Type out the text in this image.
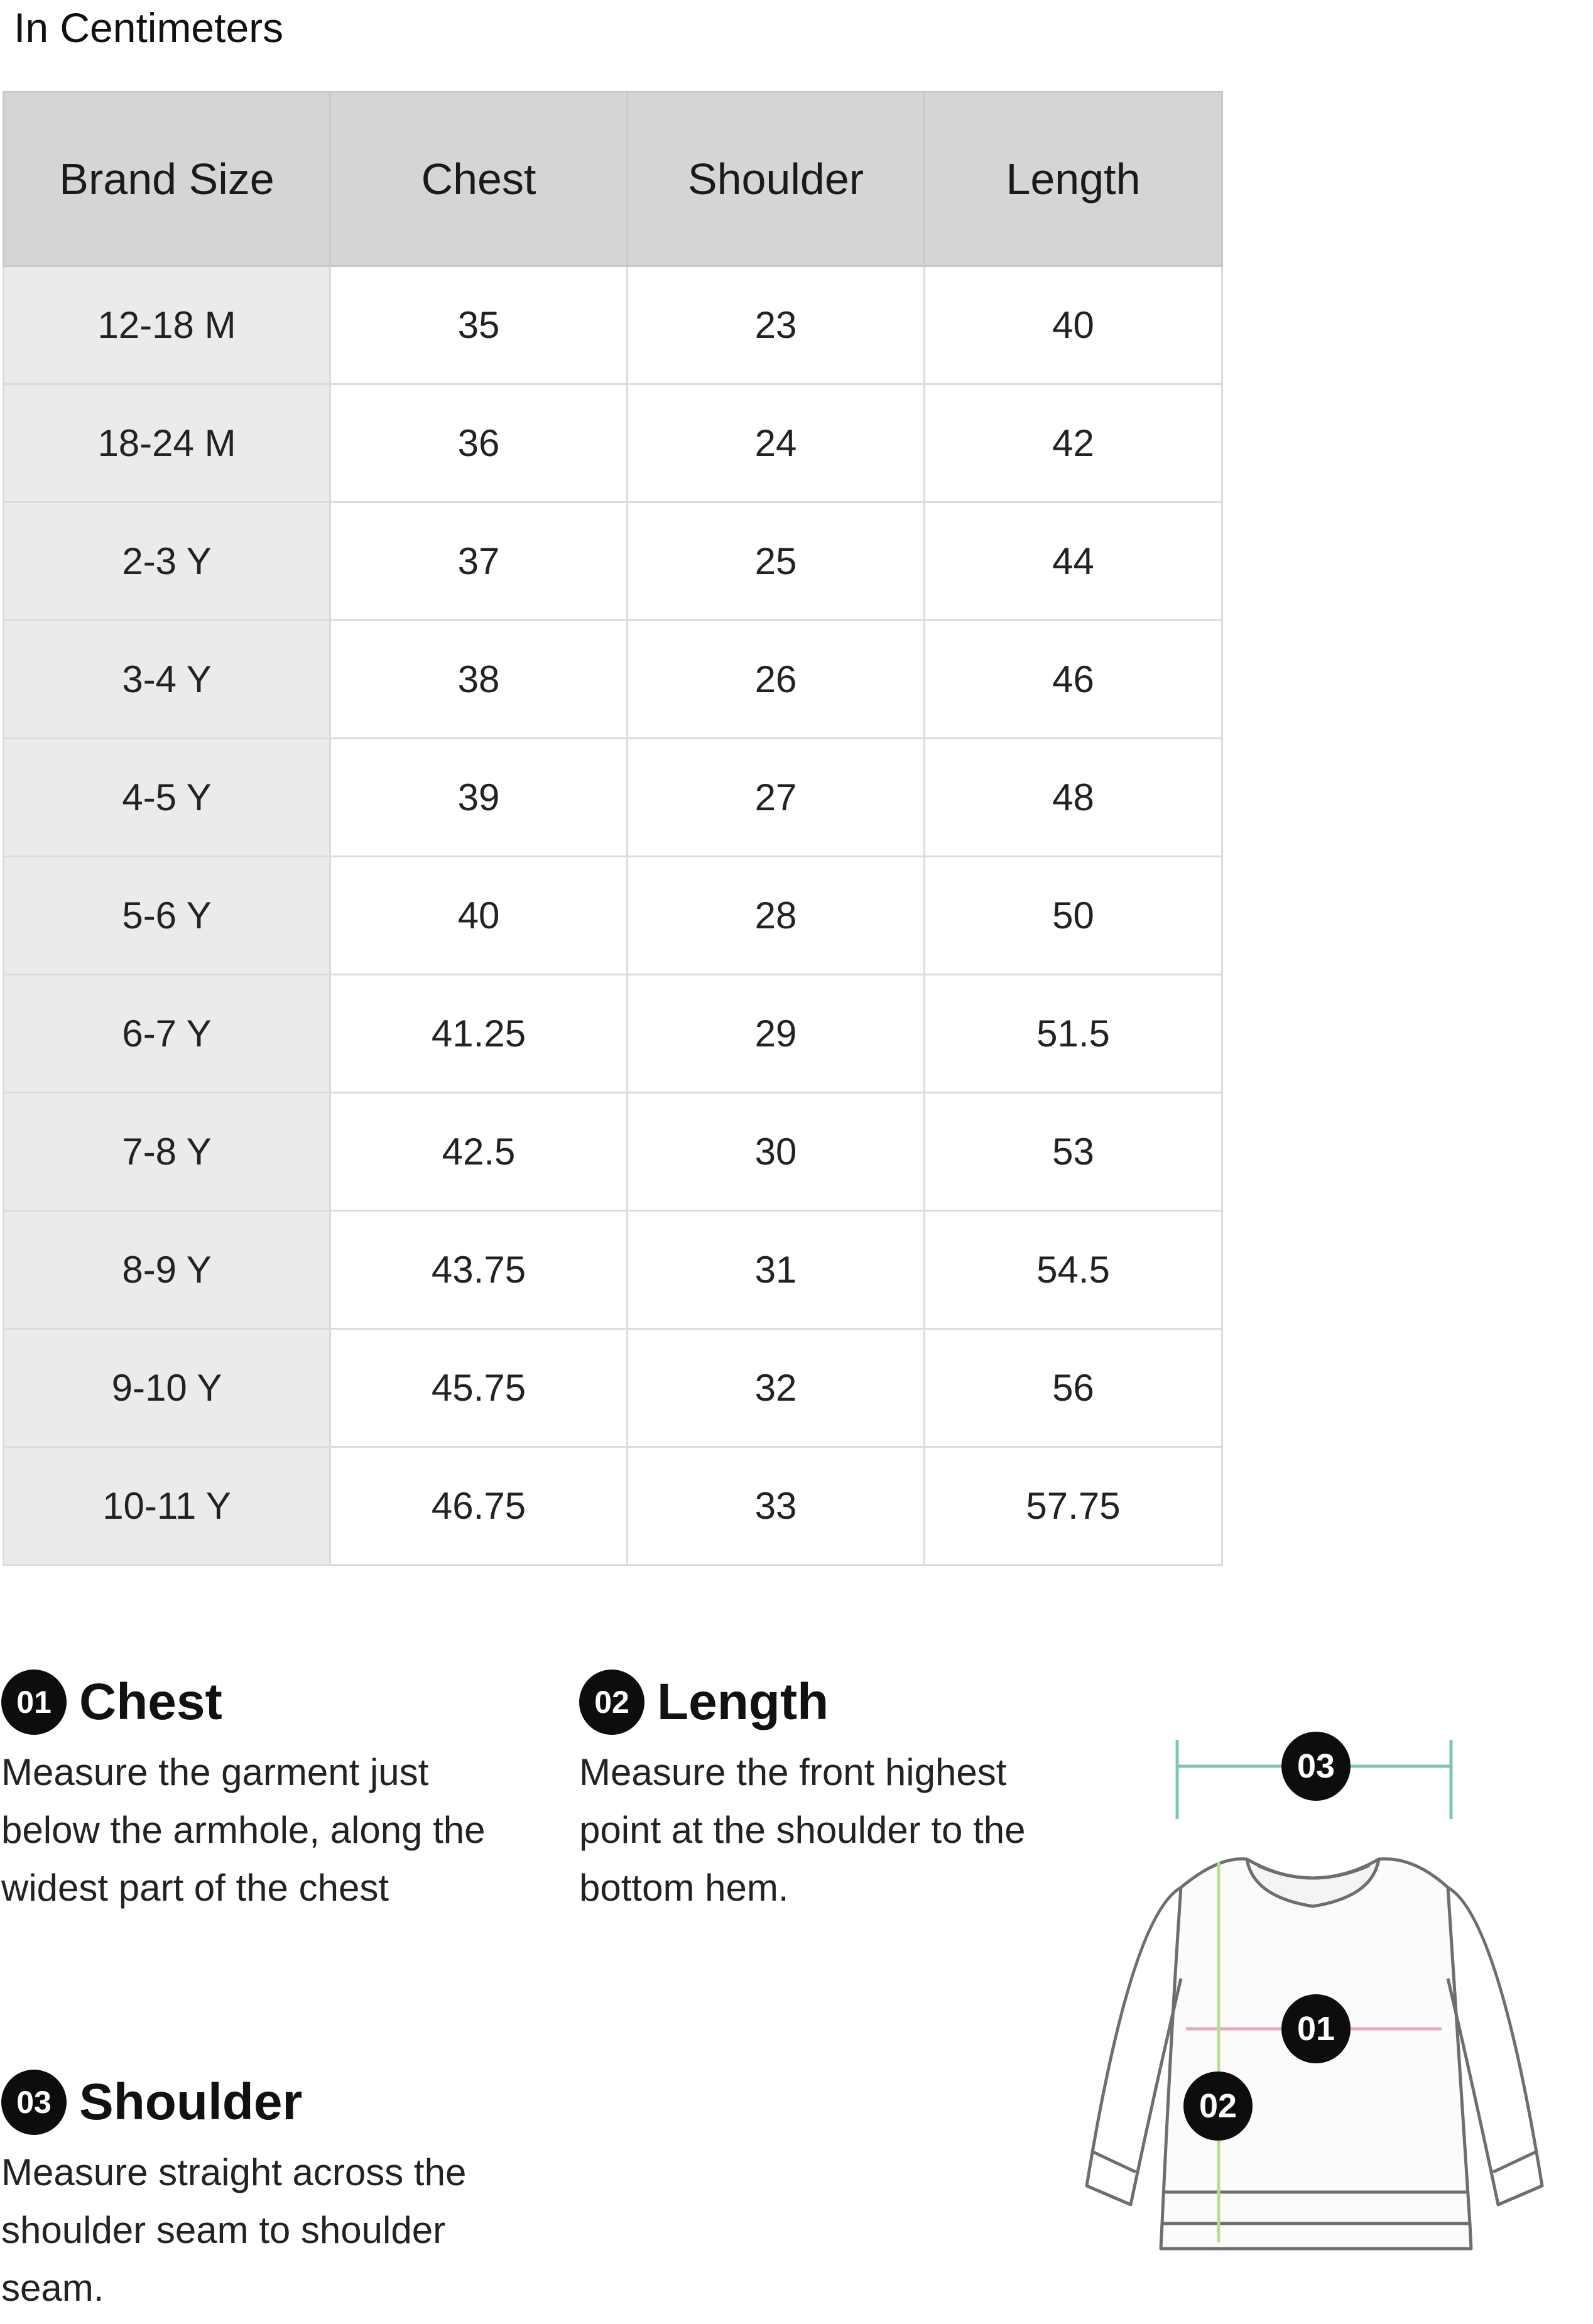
In Centimeters
Brand Size	Chest	Shoulder	Length
12-18 M	35	23	40
18-24 M	36	24	42
2-3 Y	37	25	44
3-4 Y	38	26	46
4-5 Y	39	27	48
5-6 Y	40	28	50
6-7 Y	41.25	29	51.5
7-8 Y	42.5	30	53
8-9 Y	43.75	31	54.5
9-10 Y	45.75	32	56
10-11 Y	46.75	33	57.75
01 Chest
Measure the garment just below the armhole, along the widest part of the chest
02 Length
Measure the front highest point at the shoulder to the bottom hem.
03 Shoulder
Measure straight across the shoulder seam to shoulder seam.
03
01
02
